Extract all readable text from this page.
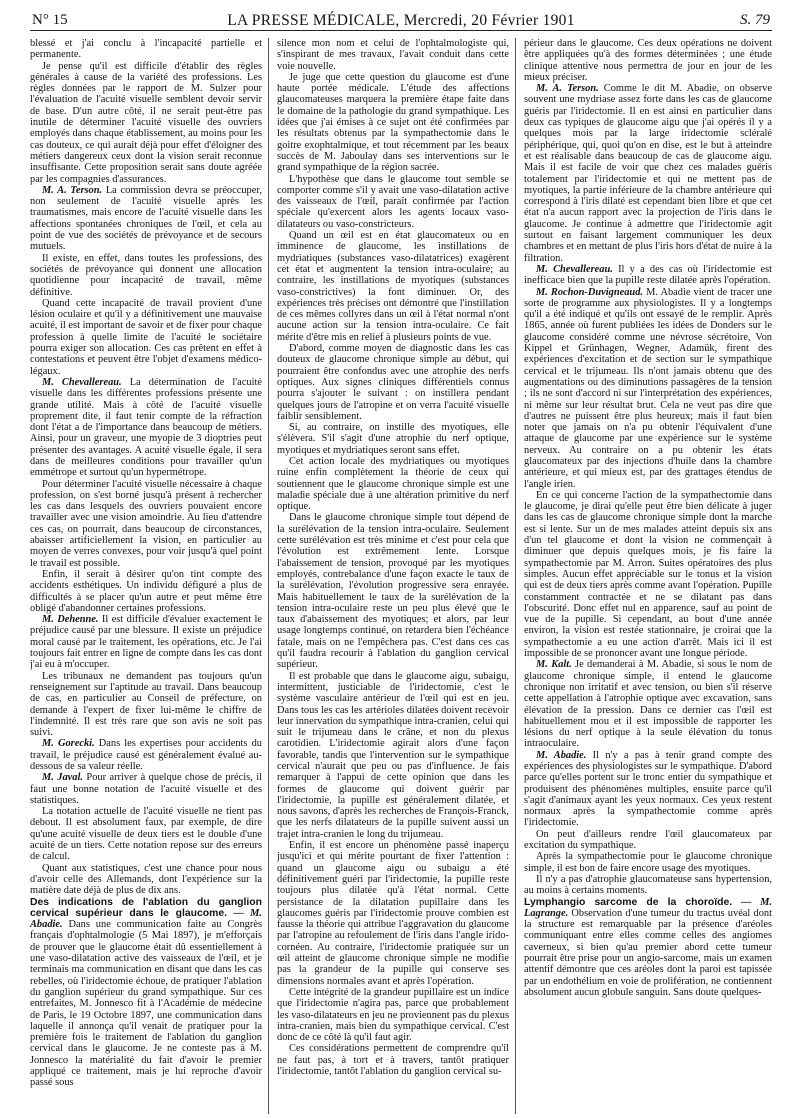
N° 15	LA PRESSE MÉDICALE, Mercredi, 20 Février 1901	S. 79

blessé et j'ai conclu à l'incapacité partielle et permanente.

Je pense qu'il est difficile d'établir des règles générales à cause de la variété des professions. Les règles données par le rapport de M. Sulzer pour l'évaluation de l'acuité visuelle semblent devoir servir de base. D'un autre côté, il ne serait peut-être pas inutile de déterminer l'acuité visuelle des ouvriers employés dans chaque établissement, au moins pour les cas douteux, ce qui aurait déjà pour effet d'éloigner des métiers dangereux ceux dont la vision serait reconnue insuffisante. Cette proposition serait sans doute agréée par les compagnies d'assurances.

M. A. Terson. La commission devra se préoccuper, non seulement de l'acuité visuelle après les traumatismes, mais encore de l'acuité visuelle dans les affections spontanées chroniques de l'œil, et cela au point de vue des sociétés de prévoyance et de secours mutuels.

Il existe, en effet, dans toutes les professions, des sociétés de prévoyance qui donnent une allocation quotidienne pour incapacité de travail, même définitive.

Quand cette incapacité de travail provient d'une lésion oculaire et qu'il y a définitivement une mauvaise acuité, il est important de savoir et de fixer pour chaque profession à quelle limite de l'acuité le sociétaire pourra exiger son allocation. Ces cas prêtent en effet à contestations et peuvent être l'objet d'examens médico-légaux.

M. Chevallereau. La détermination de l'acuité visuelle dans les différentes professions présente une grande utilité. Mais à côté de l'acuité visuelle proprement dite, il faut tenir compte de la réfraction dont l'état a de l'importance dans beaucoup de métiers. Ainsi, pour un graveur, une myopie de 3 dioptries peut présenter des avantages. A acuité visuelle égale, il sera dans de meilleures conditions pour travailler qu'un emmétrope et surtout qu'un hypermétrope.

Pour déterminer l'acuité visuelle nécessaire à chaque profession, on s'est borné jusqu'à présent à rechercher les cas dans lesquels des ouvriers pouvaient encore travailler avec une vision amoindrie. Au lieu d'attendre ces cas, on pourrait, dans beaucoup de circonstances, abaisser artificiellement la vision, en particulier au moyen de verres convexes, pour voir jusqu'à quel point le travail est possible.

Enfin, il serait à désirer qu'on tint compte des accidents esthétiques. Un individu défiguré a plus de difficultés à se placer qu'un autre et peut même être obligé d'abandonner certaines professions.

M. Dehenne. Il est difficile d'évaluer exactement le préjudice causé par une blessure. Il existe un préjudice moral causé par le traitement, les opérations, etc. Je l'ai toujours fait entrer en ligne de compte dans les cas dont j'ai eu à m'occuper.

Les tribunaux ne demandent pas toujours qu'un renseignement sur l'aptitude au travail. Dans beaucoup de cas, en particulier au Conseil de préfecture, on demande à l'expert de fixer lui-même le chiffre de l'indemnité. Il est très rare que son avis ne soit pas suivi.

M. Gorecki. Dans les expertises pour accidents du travail, le préjudice causé est généralement évalué au-dessous de sa valeur réelle.

M. Javal. Pour arriver à quelque chose de précis, il faut une bonne notation de l'acuité visuelle et des statistiques.

La notation actuelle de l'acuité visuelle ne tient pas debout. Il est absolument faux, par exemple, de dire qu'une acuité visuelle de deux tiers est le double d'une acuité de un tiers. Cette notation repose sur des erreurs de calcul.

Quant aux statistiques, c'est une chance pour nous d'avoir celle des Allemands, dont l'expérience sur la matière date déjà de plus de dix ans.

Des indications de l'ablation du ganglion cervical supérieur dans le glaucome. — M. Abadie. Dans une communication faite au Congrès français d'ophtalmologie (5 Mai 1897), je m'efforçais de prouver que le glaucome était dû essentiellement à une vaso-dilatation active des vaisseaux de l'œil, et je terminais ma communication en disant que dans les cas rebelles, où l'iridectomie échoue, de pratiquer l'ablation du ganglion supérieur du grand sympathique. Sur ces entrefaites, M. Jonnesco fit à l'Académie de médecine de Paris, le 19 Octobre 1897, une communication dans laquelle il annonça qu'il venait de pratiquer pour la première fois le traitement de l'ablation du ganglion cervical dans le glaucome. Je ne conteste pas à M. Jonnesco la matérialité du fait d'avoir le premier appliqué ce traitement, mais je lui reproche d'avoir passé sous

silence mon nom et celui de l'ophtalmologiste qui, s'inspirant de mes travaux, l'avait conduit dans cette voie nouvelle.

Je juge que cette question du glaucome est d'une haute portée médicale. L'étude des affections glaucomateuses marquera la première étape faite dans le domaine de la pathologie du grand sympathique. Les idées que j'ai émises à ce sujet ont été confirmées par les résultats obtenus par la sympathectomie dans le goitre exophtalmique, et tout récemment par les beaux succès de M. Jaboulay dans ses interventions sur le grand sympathique de la région sacrée.

L'hypothèse que dans le glaucome tout semble se comporter comme s'il y avait une vaso-dilatation active des vaisseaux de l'œil, paraît confirmée par l'action spéciale qu'exercent alors les agents locaux vaso-dilatateurs ou vaso-constricteurs.

Quand un œil est en état glaucomateux ou en imminence de glaucome, les instillations de mydriatiques (substances vaso-dilatatrices) exagèrent cet état et augmentent la tension intra-oculaire; au contraire, les instillations de myotiques (substances vaso-constrictives) la font diminuer. Or, des expériences très précises ont démontré que l'instillation de ces mêmes collyres dans un œil à l'état normal n'ont aucune action sur la tension intra-oculaire. Ce fait mérite d'être mis en relief à plusieurs points de vue.

D'abord, comme moyen de diagnostic dans les cas douteux de glaucome chronique simple au début, qui pourraient être confondus avec une atrophie des nerfs optiques. Aux signes cliniques différentiels connus pourra s'ajouter le suivant : on instillera pendant quelques jours de l'atropine et on verra l'acuité visuelle faiblir sensiblement.

Si, au contraire, on instille des myotiques, elle s'élèvera. S'il s'agit d'une atrophie du nerf optique, myotiques et mydriatiques seront sans effet.

Cet action locale des mydriatiques ou myotiques ruine enfin complètement la théorie de ceux qui soutiennent que le glaucome chronique simple est une maladie spéciale due à une altération primitive du nerf optique.

Dans le glaucome chronique simple tout dépend de la surélévation de la tension intra-oculaire. Seulement cette surélévation est très minime et c'est pour cela que l'évolution est extrêmement lente. Lorsque l'abaissement de tension, provoqué par les myotiques employés, contrebalance d'une façon exacte le taux de la surélévation, l'évolution progressive sera enrayée. Mais habituellement le taux de la surélévation de la tension intra-oculaire reste un peu plus élevé que le taux d'abaissement des myotiques; et alors, par leur usage longtemps continué, on retardera bien l'échéance fatale, mais on ne l'empêchera pas. C'est dans ces cas qu'il faudra recourir à l'ablation du ganglion cervical supérieur.

Il est probable que dans le glaucome aigu, subaigu, intermittent, justiciable de l'iridectomie, c'est le système vasculaire antérieur de l'œil qui est en jeu. Dans tous les cas les artérioles dilatées doivent recevoir leur innervation du sympathique intra-cranien, celui qui suit le trijumeau dans le crâne, et non du plexus carotidien. L'iridectomie agirait alors d'une façon favorable, tandis que l'intervention sur le sympathique cervical n'aurait que peu ou pas d'influence. Je fais remarquer à l'appui de cette opinion que dans les formes de glaucome qui doivent guérir par l'iridectomie, la pupille est généralement dilatée, et nous savons, d'après les recherches de François-Franck, que les nerfs dilatateurs de la pupille suivent aussi un trajet intra-cranien le long du trijumeau.

Enfin, il est encore un phénomène passé inaperçu jusqu'ici et qui mérite pourtant de fixer l'attention : quand un glaucome aigu ou subaigu a été définitivement guéri par l'iridectomie, la pupille reste toujours plus dilatée qu'à l'état normal. Cette persistance de la dilatation pupillaire dans les glaucomes guéris par l'iridectomie prouve combien est fausse la théorie qui attribue l'aggravation du glaucome par l'atropine au refoulement de l'iris dans l'angle irido-cornéen. Au contraire, l'iridectomie pratiquée sur un œil atteint de glaucome chronique simple ne modifie pas la grandeur de la pupille qui conserve ses dimensions normales avant et après l'opération.

Cette intégrité de la grandeur pupillaire est un indice que l'iridectomie n'agira pas, parce que probablement les vaso-dilatateurs en jeu ne proviennent pas du plexus intra-cranien, mais bien du sympathique cervical. C'est donc de ce côté là qu'il faut agir.

Ces considérations permettent de comprendre qu'il ne faut pas, à tort et à travers, tantôt pratiquer l'iridectomie, tantôt l'ablation du ganglion cervical su-

périeur dans le glaucome. Ces deux opérations ne doivent être appliquées qu'à des formes déterminées ; une étude clinique attentive nous permettra de jour en jour de les mieux préciser.

M. A. Terson. Comme le dit M. Abadie, on observe souvent une mydriase assez forte dans les cas de glaucome guéris par l'iridectomie. Il en est ainsi en particulier dans deux cas typiques de glaucome aigu que j'ai opérés il y a quelques mois par la large iridectomie scléralé périphérique, qui, quoi qu'on en dise, est le but à atteindre et est réalisable dans beaucoup de cas de glaucome aigu. Mais il est facile de voir que chez ces malades guéris totalement par l'iridectomie et qui ne mettent pas de myotiques, la partie inférieure de la chambre antérieure qui correspond à l'iris dilaté est cependant bien libre et que cet état n'a aucun rapport avec la projection de l'iris dans le glaucome. Je continue à admettre que l'iridectomie agit surtout en faisant largement communiquer les deux chambres et en mettant de plus l'iris hors d'état de nuire à la filtration.

M. Chevallereau. Il y a des cas où l'iridectomie est inefficace bien que la pupille reste dilatée après l'opération.

M. Rochon-Duvigneaud. M. Abadie vient de tracer une sorte de programme aux physiologistes. Il y a longtemps qu'il a été indiqué et qu'ils ont essayé de le remplir. Après 1865, année où furent publiées les idées de Donders sur le glaucome considéré comme une névrose sécrétoire, Von Kippel et Grünhagen, Wegner, Adamük, firent des expériences d'excitation et de section sur le sympathique cervical et le trijumeau. Ils n'ont jamais obtenu que des augmentations ou des diminutions passagères de la tension ; ils ne sont d'accord ni sur l'interprétation des expériences, ni même sur leur résultat brut. Cela ne veut pas dire que d'autres ne puissent être plus heureux; mais il faut bien noter que jamais on n'a pu obtenir l'équivalent d'une attaque de glaucome par une expérience sur le système nerveux. Au contraire on a pu obtenir les états glaucomateux par des injections d'huile dans la chambre antérieure, et qui mieux est, par des grattages étendus de l'angle irien.

En ce qui concerne l'action de la sympathectomie dans le glaucome, je dirai qu'elle peut être bien délicate à juger dans les cas de glaucome chronique simple dont la marche est si lente. Sur un de mes malades atteint depuis six ans d'un tel glaucome et dont la vision ne commençait à diminuer que depuis quelques mois, je fis faire la sympathectomie par M. Arron. Suites opératoires des plus simples. Aucun effet appréciable sur le tonus et la vision qui est de deux tiers après comme avant l'opération. Pupille constamment contractée et ne se dilatant pas dans l'obscurité. Donc effet nul en apparence, sauf au point de vue de la pupille. Si cependant, au bout d'une année environ, la vision est restée stationnaire, je croirai que la sympathectomie a eu une action d'arrêt. Mais ici il est impossible de se prononcer avant une longue période.

M. Kalt. Je demanderai à M. Abadie, si sous le nom de glaucome chronique simple, il entend le glaucome chronique non irritatif et avec tension, ou bien s'il réserve cette appellation à l'atrophie optique avec excavation, sans élévation de la pression. Dans ce dernier cas l'œil est habituellement mou et il est impossible de rapporter les lésions du nerf optique à la seule élévation du tonus intraoculaire.

M. Abadie. Il n'y a pas à tenir grand compte des expériences des physiologistes sur le sympathique. D'abord parce qu'elles portent sur le tronc entier du sympathique et produisent des phénomènes multiples, ensuite parce qu'il s'agit d'animaux ayant les yeux normaux. Ces yeux restent normaux après la sympathectomie comme après l'iridectomie.

On peut d'ailleurs rendre l'œil glaucomateux par excitation du sympathique.

Après la sympathectomie pour le glaucome chronique simple, il est bon de faire encore usage des myotiques.

Il n'y a pas d'atrophie glaucomateuse sans hypertension, au moins à certains moments.

Lymphangio sarcome de la choroïde. — M. Lagrange. Observation d'une tumeur du tractus uvéal dont la structure est remarquable par la présence d'aréoles communiquant entre elles comme celles des angiomes caverneux, si bien qu'au premier abord cette tumeur pourrait être prise pour un angio-sarcome, mais un examen attentif démontre que ces aréoles dont la paroi est tapissée par un endothélium en voie de prolifération, ne contiennent absolument aucun globule sanguin. Sans doute quelques-
